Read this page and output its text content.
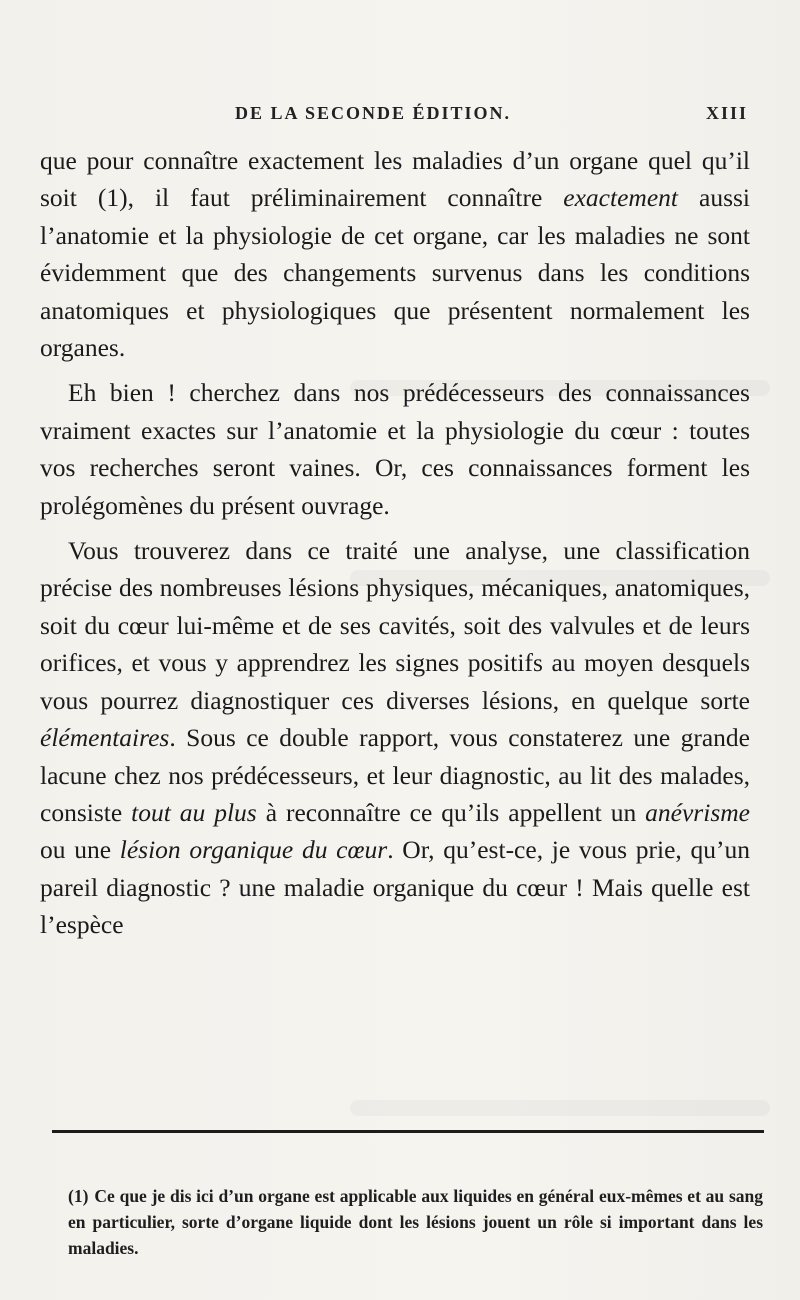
DE LA SECONDE ÉDITION.	XIII

que pour connaître exactement les maladies d’un organe quel qu’il soit (1), il faut préliminairement connaître exactement aussi l’anatomie et la physiologie de cet organe, car les maladies ne sont évidemment que des changements survenus dans les conditions anatomiques et physiologiques que présentent normalement les organes.

Eh bien ! cherchez dans nos prédécesseurs des connaissances vraiment exactes sur l’anatomie et la physiologie du cœur : toutes vos recherches seront vaines. Or, ces connaissances forment les prolégomènes du présent ouvrage.

Vous trouverez dans ce traité une analyse, une classification précise des nombreuses lésions physiques, mécaniques, anatomiques, soit du cœur lui-même et de ses cavités, soit des valvules et de leurs orifices, et vous y apprendrez les signes positifs au moyen desquels vous pourrez diagnostiquer ces diverses lésions, en quelque sorte élémentaires. Sous ce double rapport, vous constaterez une grande lacune chez nos prédécesseurs, et leur diagnostic, au lit des malades, consiste tout au plus à reconnaître ce qu’ils appellent un anévrisme ou une lésion organique du cœur. Or, qu’est-ce, je vous prie, qu’un pareil diagnostic ? une maladie organique du cœur ! Mais quelle est l’espèce

(1) Ce que je dis ici d’un organe est applicable aux liquides en général eux-mêmes et au sang en particulier, sorte d’organe liquide dont les lésions jouent un rôle si important dans les maladies.
